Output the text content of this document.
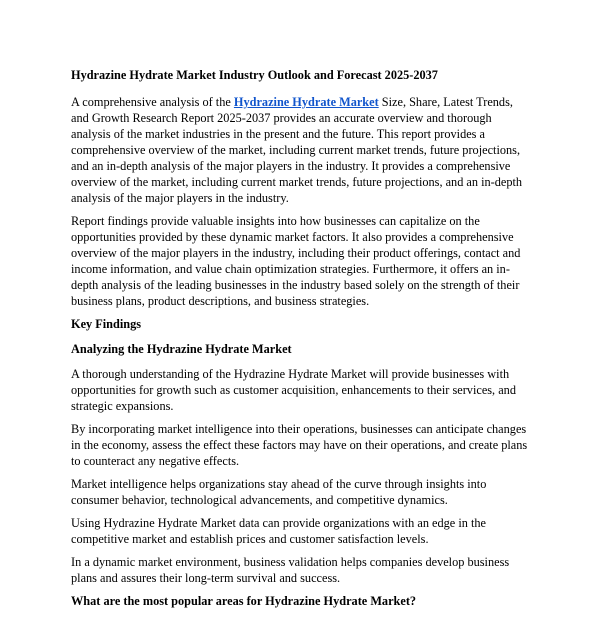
Hydrazine Hydrate Market Industry Outlook and Forecast 2025-2037

A comprehensive analysis of the Hydrazine Hydrate Market Size, Share, Latest Trends, and Growth Research Report 2025-2037 provides an accurate overview and thorough analysis of the market industries in the present and the future. This report provides a comprehensive overview of the market, including current market trends, future projections, and an in-depth analysis of the major players in the industry. It provides a comprehensive overview of the market, including current market trends, future projections, and an in-depth analysis of the major players in the industry.

Report findings provide valuable insights into how businesses can capitalize on the opportunities provided by these dynamic market factors. It also provides a comprehensive overview of the major players in the industry, including their product offerings, contact and income information, and value chain optimization strategies. Furthermore, it offers an in-depth analysis of the leading businesses in the industry based solely on the strength of their business plans, product descriptions, and business strategies.

Key Findings

Analyzing the Hydrazine Hydrate Market

A thorough understanding of the Hydrazine Hydrate Market will provide businesses with opportunities for growth such as customer acquisition, enhancements to their services, and strategic expansions.

By incorporating market intelligence into their operations, businesses can anticipate changes in the economy, assess the effect these factors may have on their operations, and create plans to counteract any negative effects.

Market intelligence helps organizations stay ahead of the curve through insights into consumer behavior, technological advancements, and competitive dynamics.

Using Hydrazine Hydrate Market data can provide organizations with an edge in the competitive market and establish prices and customer satisfaction levels.

In a dynamic market environment, business validation helps companies develop business plans and assures their long-term survival and success.

What are the most popular areas for Hydrazine Hydrate Market?
